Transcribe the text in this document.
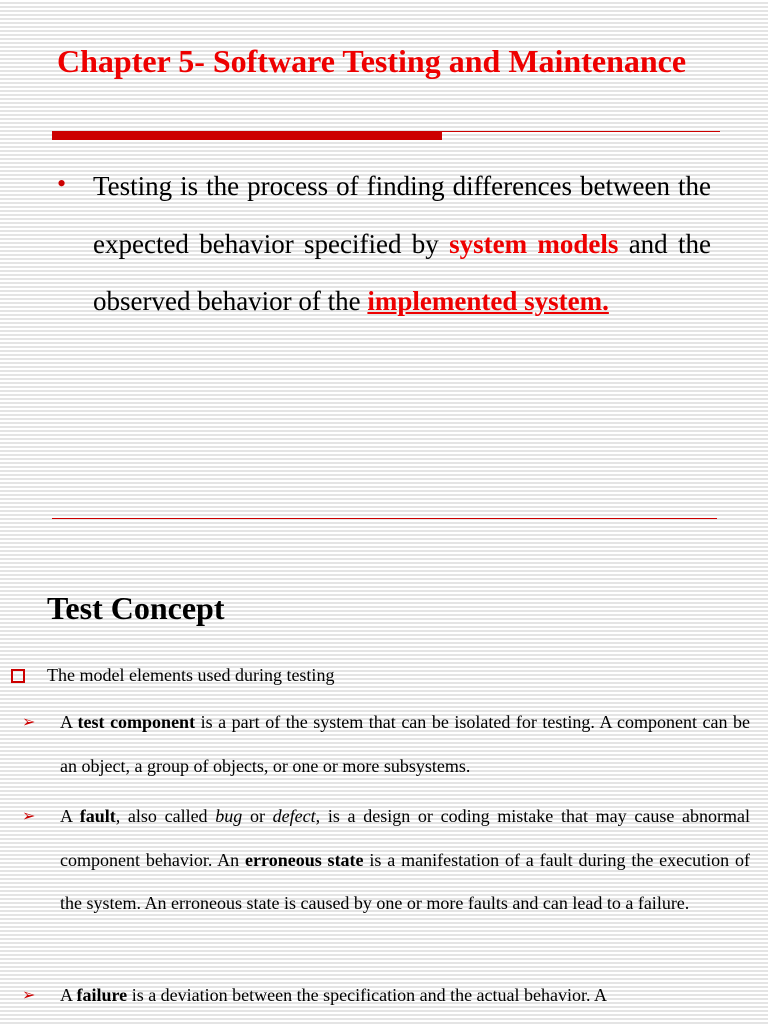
Chapter 5- Software Testing and Maintenance
• Testing is the process of finding differences between the expected behavior specified by system models and the observed behavior of the implemented system.

Test Concept

The model elements used during testing

➢ A test component is a part of the system that can be isolated for testing. A component can be an object, a group of objects, or one or more subsystems.

➢ A fault, also called bug or defect, is a design or coding mistake that may cause abnormal component behavior. An erroneous state is a manifestation of a fault during the execution of the system. An erroneous state is caused by one or more faults and can lead to a failure.

➢ A failure is a deviation between the specification and the actual behavior. A
